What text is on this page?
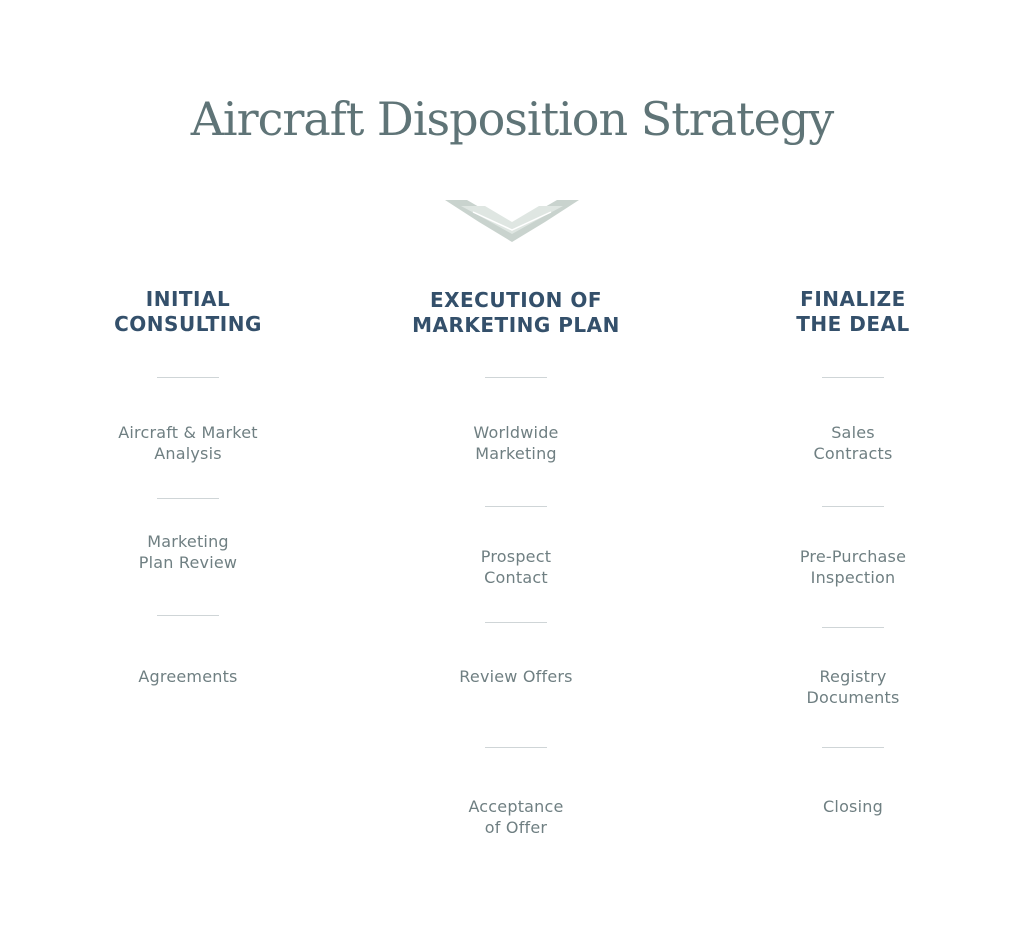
Aircraft Disposition Strategy
INITIAL
CONSULTING
Aircraft & Market
Analysis
Marketing
Plan Review
Agreements
EXECUTION OF
MARKETING PLAN
Worldwide
Marketing
Prospect
Contact
Review Offers
Acceptance
of Offer
FINALIZE
THE DEAL
Sales
Contracts
Pre-Purchase
Inspection
Registry
Documents
Closing
